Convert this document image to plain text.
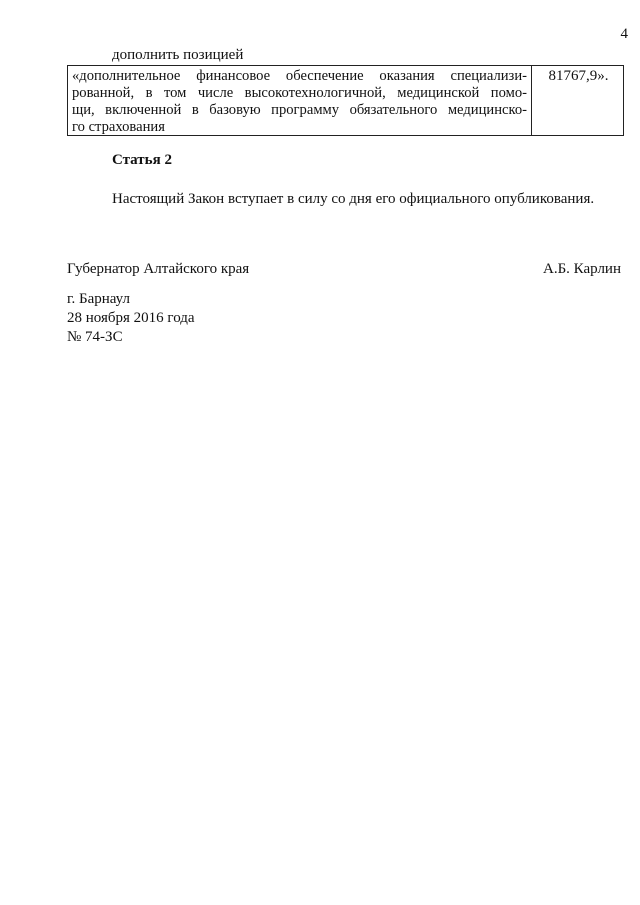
4
дополнить позицией
«дополнительное финансовое обеспечение оказания специализи-
рованной, в том числе высокотехнологичной, медицинской помо-
щи, включенной в базовую программу обязательного медицинско-
го страхования
81767,9».
Статья 2
Настоящий Закон вступает в силу со дня его официального опубликования.
Губернатор Алтайского края	А.Б. Карлин
г. Барнаул
28 ноября 2016 года
№ 74-ЗС
